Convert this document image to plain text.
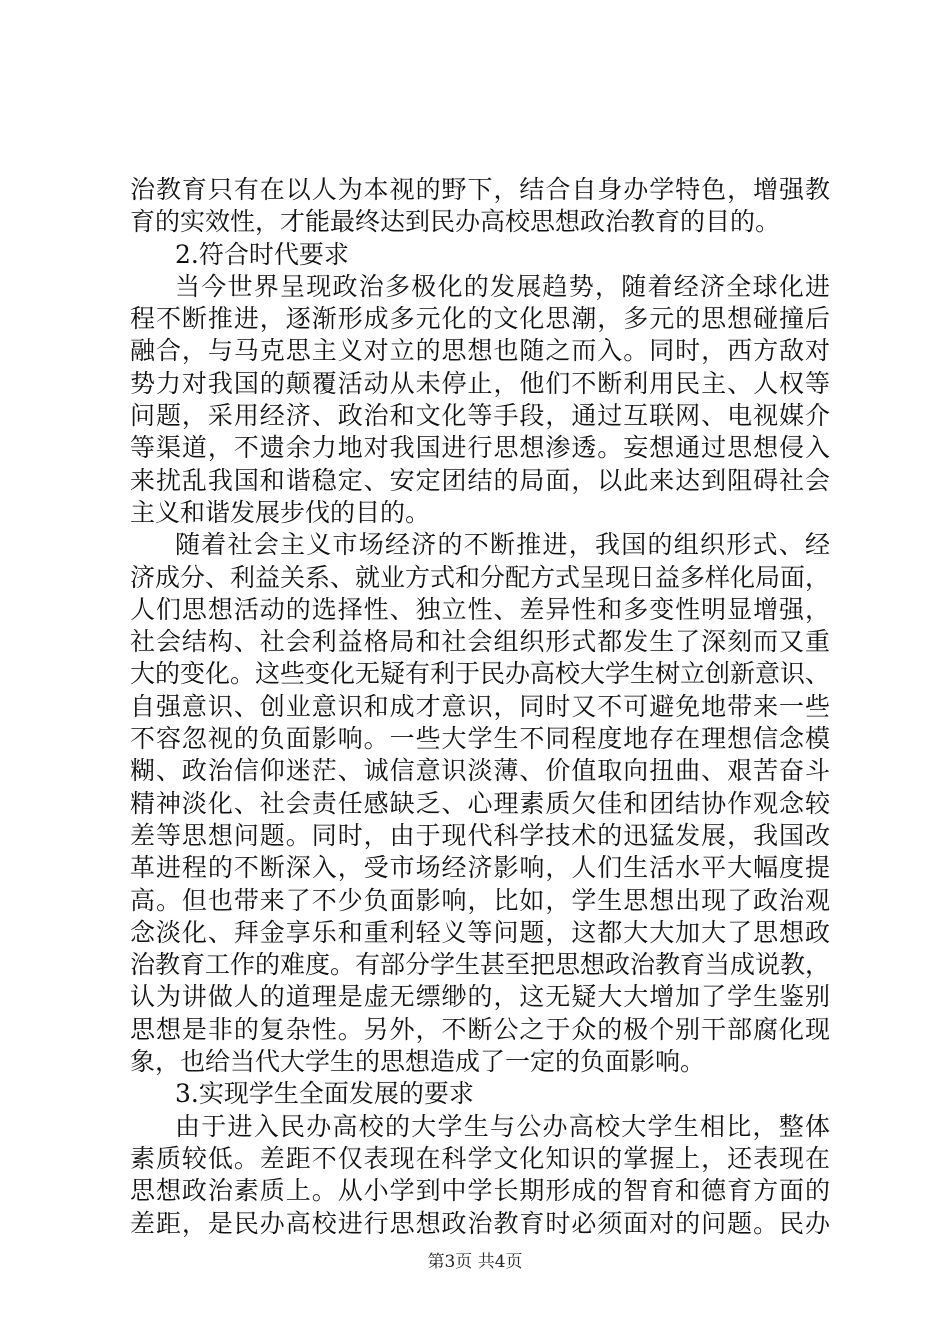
治教育只有在以人为本视的野下，结合自身办学特色，增强教
育的实效性，才能最终达到民办高校思想政治教育的目的。
2.符合时代要求
当今世界呈现政治多极化的发展趋势，随着经济全球化进
程不断推进，逐渐形成多元化的文化思潮，多元的思想碰撞后
融合，与马克思主义对立的思想也随之而入。同时，西方敌对
势力对我国的颠覆活动从未停止，他们不断利用民主、人权等
问题，采用经济、政治和文化等手段，通过互联网、电视媒介
等渠道，不遗余力地对我国进行思想渗透。妄想通过思想侵入
来扰乱我国和谐稳定、安定团结的局面，以此来达到阻碍社会
主义和谐发展步伐的目的。
随着社会主义市场经济的不断推进，我国的组织形式、经
济成分、利益关系、就业方式和分配方式呈现日益多样化局面，
人们思想活动的选择性、独立性、差异性和多变性明显增强，
社会结构、社会利益格局和社会组织形式都发生了深刻而又重
大的变化。这些变化无疑有利于民办高校大学生树立创新意识、
自强意识、创业意识和成才意识，同时又不可避免地带来一些
不容忽视的负面影响。一些大学生不同程度地存在理想信念模
糊、政治信仰迷茫、诚信意识淡薄、价值取向扭曲、艰苦奋斗
精神淡化、社会责任感缺乏、心理素质欠佳和团结协作观念较
差等思想问题。同时，由于现代科学技术的迅猛发展，我国改
革进程的不断深入，受市场经济影响，人们生活水平大幅度提
高。但也带来了不少负面影响，比如，学生思想出现了政治观
念淡化、拜金享乐和重利轻义等问题，这都大大加大了思想政
治教育工作的难度。有部分学生甚至把思想政治教育当成说教，
认为讲做人的道理是虚无缥缈的，这无疑大大增加了学生鉴别
思想是非的复杂性。另外，不断公之于众的极个别干部腐化现
象，也给当代大学生的思想造成了一定的负面影响。
3.实现学生全面发展的要求
由于进入民办高校的大学生与公办高校大学生相比，整体
素质较低。差距不仅表现在科学文化知识的掌握上，还表现在
思想政治素质上。从小学到中学长期形成的智育和德育方面的
差距，是民办高校进行思想政治教育时必须面对的问题。民办
第3页 共4页
